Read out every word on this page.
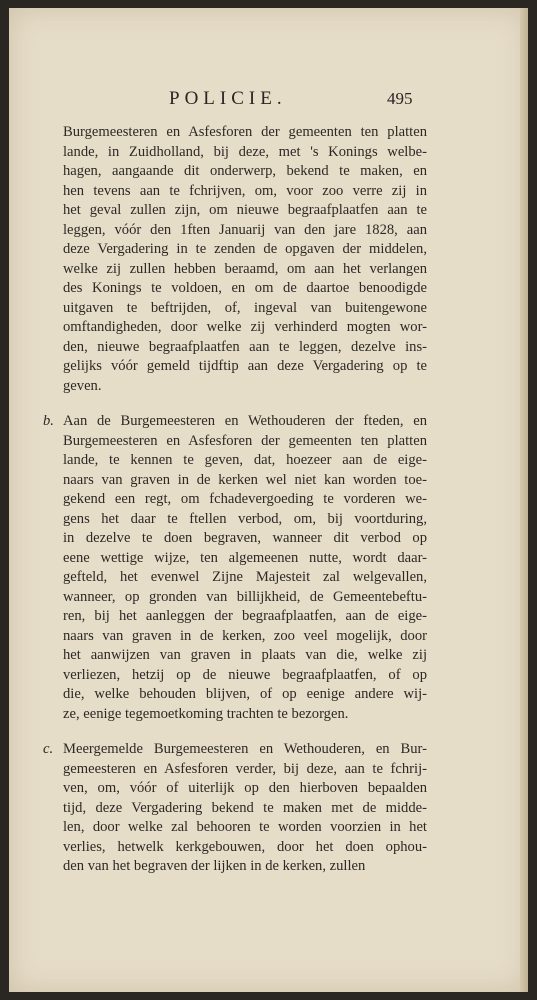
POLICIE.	495
Burgemeesteren en Asfesforen der gemeenten ten platten
lande, in Zuidholland, bij deze, met 's Konings welbe-
hagen, aangaande dit onderwerp, bekend te maken, en
hen tevens aan te fchrijven, om, voor zoo verre zij in
het geval zullen zijn, om nieuwe begraafplaatfen aan te
leggen, vóór den 1ften Januarij van den jare 1828, aan
deze Vergadering in te zenden de opgaven der middelen,
welke zij zullen hebben beraamd, om aan het verlangen
des Konings te voldoen, en om de daartoe benoodigde
uitgaven te beftrijden, of, ingeval van buitengewone
omftandigheden, door welke zij verhinderd mogten wor-
den, nieuwe begraafplaatfen aan te leggen, dezelve ins-
gelijks vóór gemeld tijdftip aan deze Vergadering op te
geven.
b. Aan de Burgemeesteren en Wethouderen der fteden, en
Burgemeesteren en Asfesforen der gemeenten ten platten
lande, te kennen te geven, dat, hoezeer aan de eige-
naars van graven in de kerken wel niet kan worden toe-
gekend een regt, om fchadevergoeding te vorderen we-
gens het daar te ftellen verbod, om, bij voortduring,
in dezelve te doen begraven, wanneer dit verbod op
eene wettige wijze, ten algemeenen nutte, wordt daar-
gefteld, het evenwel Zijne Majesteit zal welgevallen,
wanneer, op gronden van billijkheid, de Gemeentebeftu-
ren, bij het aanleggen der begraafplaatfen, aan de eige-
naars van graven in de kerken, zoo veel mogelijk, door
het aanwijzen van graven in plaats van die, welke zij
verliezen, hetzij op de nieuwe begraafplaatfen, of op
die, welke behouden blijven, of op eenige andere wij-
ze, eenige tegemoetkoming trachten te bezorgen.
c. Meergemelde Burgemeesteren en Wethouderen, en Bur-
gemeesteren en Asfesforen verder, bij deze, aan te fchrij-
ven, om, vóór of uiterlijk op den hierboven bepaalden
tijd, deze Vergadering bekend te maken met de midde-
len, door welke zal behooren te worden voorzien in het
verlies, hetwelk kerkgebouwen, door het doen ophou-
den van het begraven der lijken in de kerken, zullen
